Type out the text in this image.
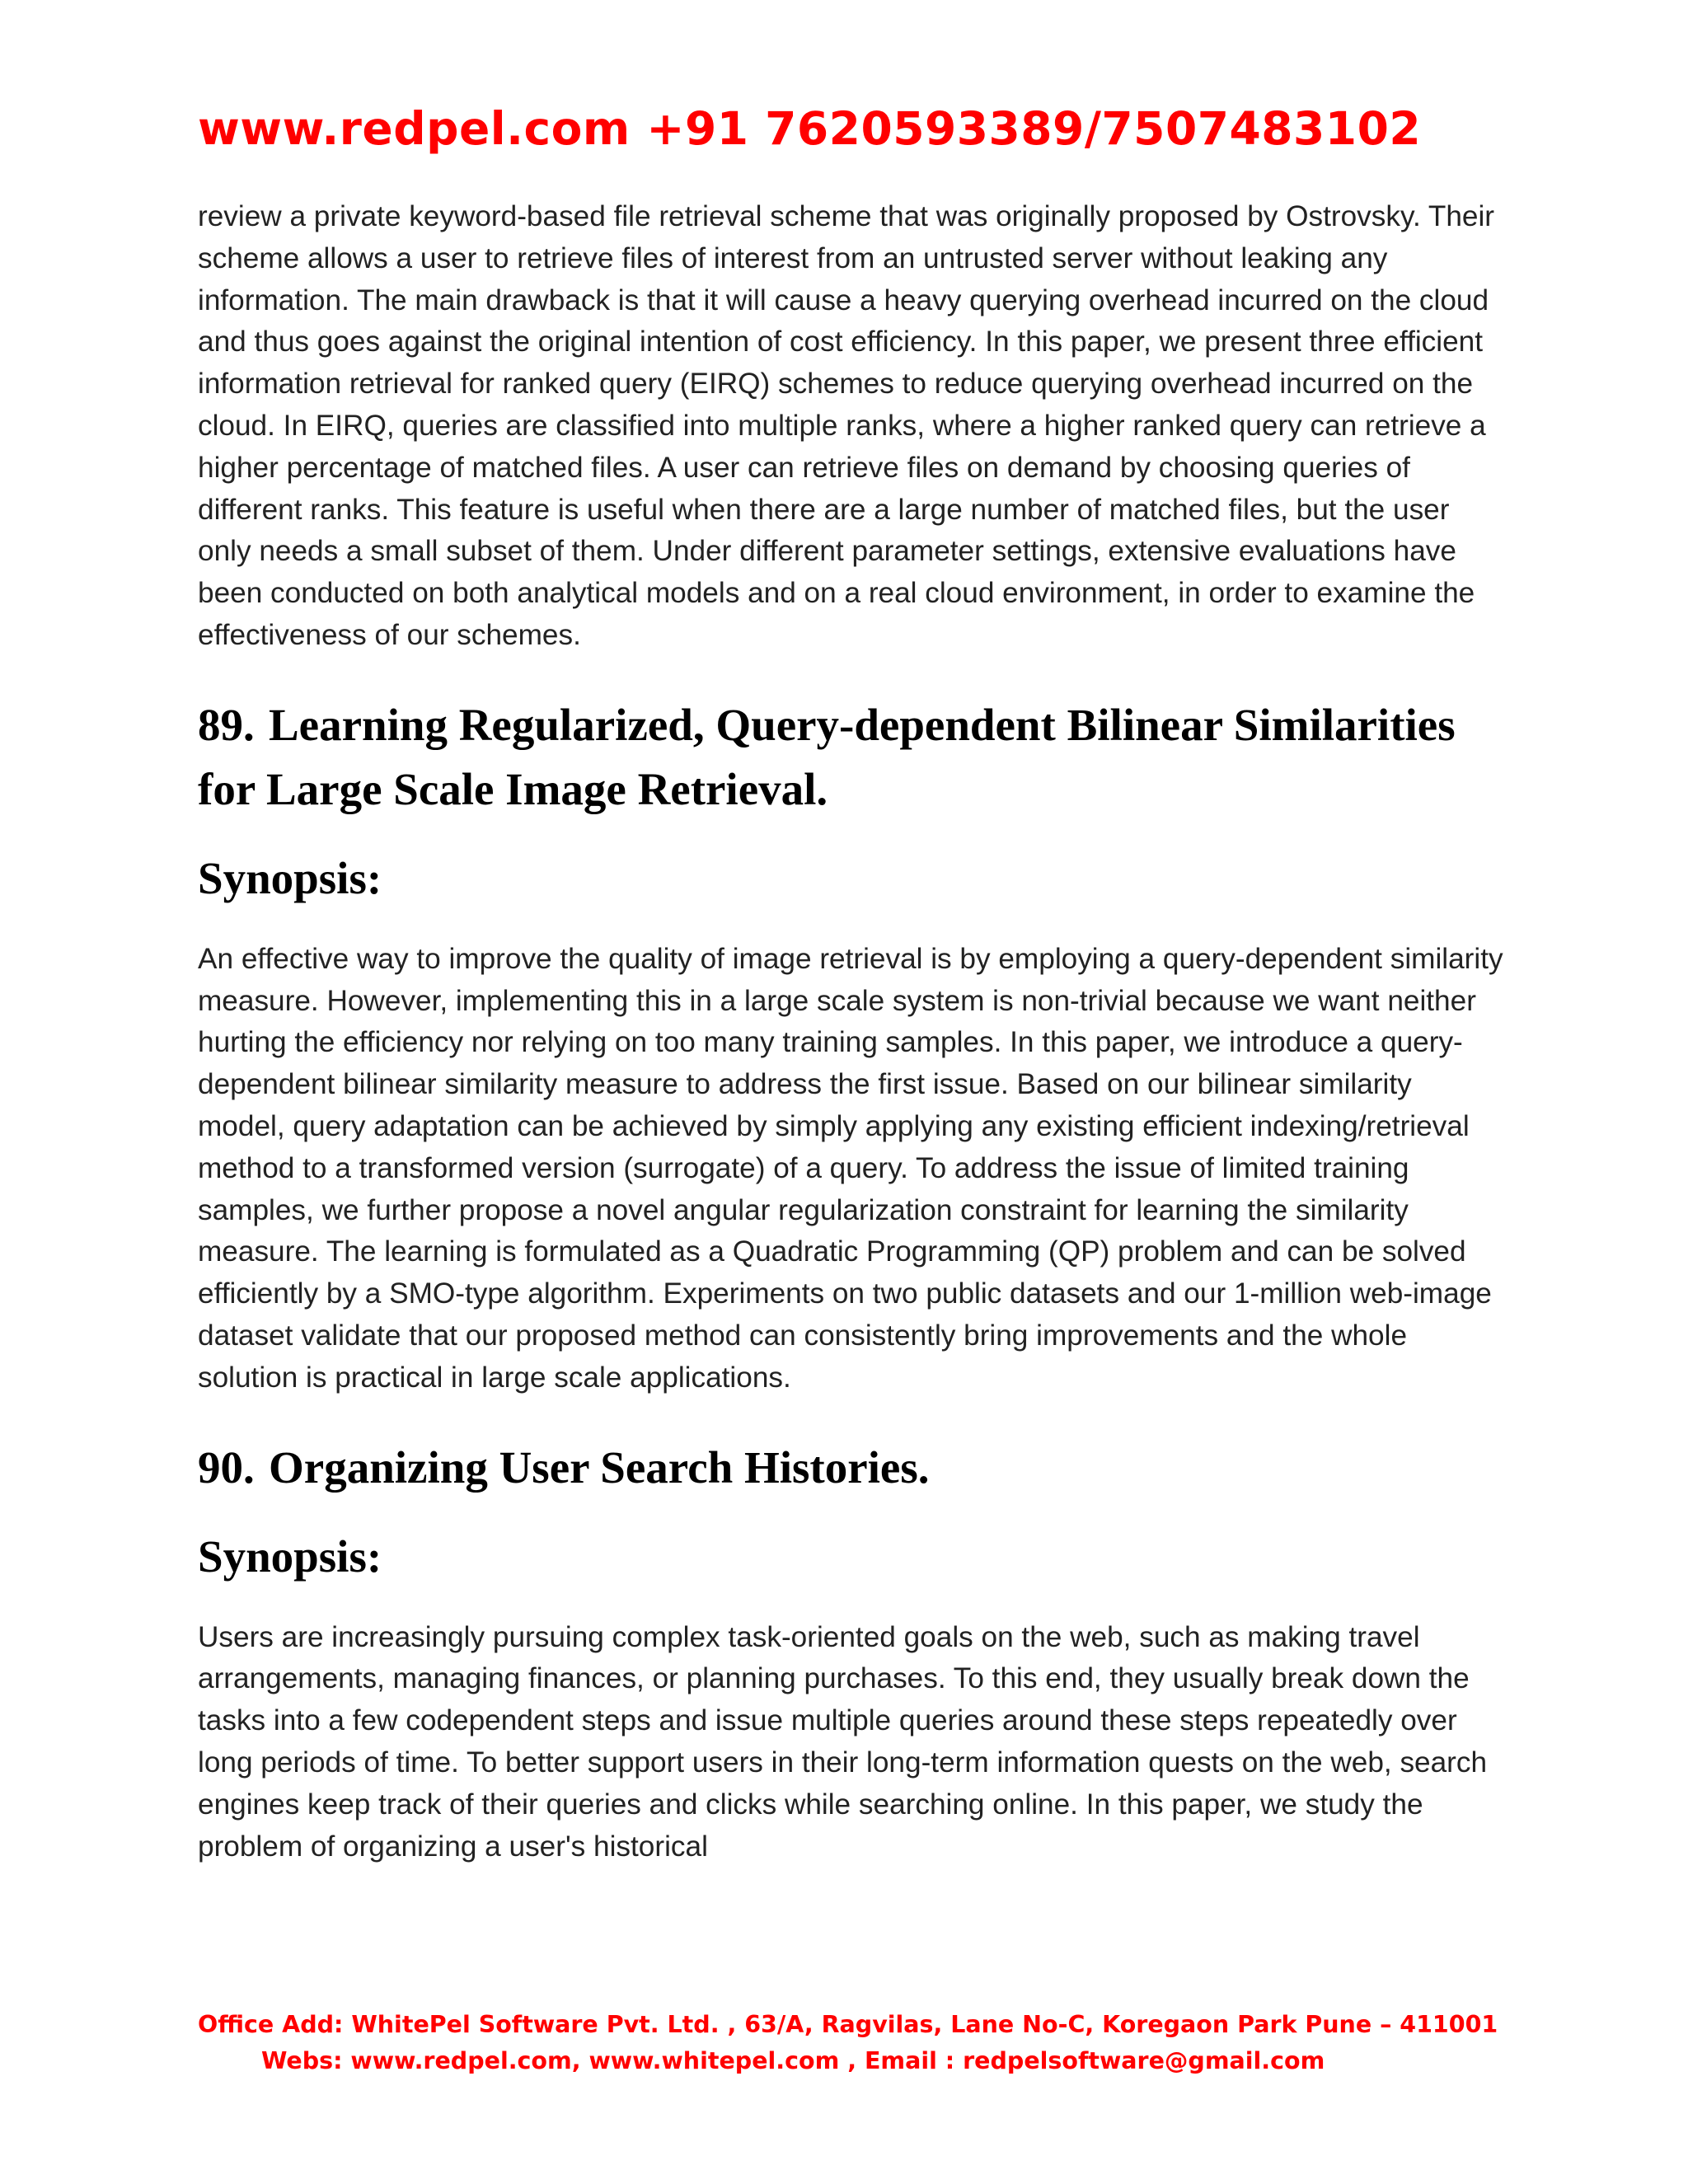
www.redpel.com +91 7620593389/7507483102

review a private keyword-based file retrieval scheme that was originally proposed by Ostrovsky. Their scheme allows a user to retrieve files of interest from an untrusted server without leaking any information. The main drawback is that it will cause a heavy querying overhead incurred on the cloud and thus goes against the original intention of cost efficiency. In this paper, we present three efficient information retrieval for ranked query (EIRQ) schemes to reduce querying overhead incurred on the cloud. In EIRQ, queries are classified into multiple ranks, where a higher ranked query can retrieve a higher percentage of matched files. A user can retrieve files on demand by choosing queries of different ranks. This feature is useful when there are a large number of matched files, but the user only needs a small subset of them. Under different parameter settings, extensive evaluations have been conducted on both analytical models and on a real cloud environment, in order to examine the effectiveness of our schemes.

89. Learning Regularized, Query-dependent Bilinear Similarities for Large Scale Image Retrieval.
Synopsis:

An effective way to improve the quality of image retrieval is by employing a query-dependent similarity measure. However, implementing this in a large scale system is non-trivial because we want neither hurting the efficiency nor relying on too many training samples. In this paper, we introduce a query-dependent bilinear similarity measure to address the first issue. Based on our bilinear similarity model, query adaptation can be achieved by simply applying any existing efficient indexing/retrieval method to a transformed version (surrogate) of a query. To address the issue of limited training samples, we further propose a novel angular regularization constraint for learning the similarity measure. The learning is formulated as a Quadratic Programming (QP) problem and can be solved efficiently by a SMO-type algorithm. Experiments on two public datasets and our 1-million web-image dataset validate that our proposed method can consistently bring improvements and the whole solution is practical in large scale applications.

90. Organizing User Search Histories.
Synopsis:

Users are increasingly pursuing complex task-oriented goals on the web, such as making travel arrangements, managing finances, or planning purchases. To this end, they usually break down the tasks into a few codependent steps and issue multiple queries around these steps repeatedly over long periods of time. To better support users in their long-term information quests on the web, search engines keep track of their queries and clicks while searching online. In this paper, we study the problem of organizing a user's historical

Office Add: WhitePel Software Pvt. Ltd. , 63/A, Ragvilas, Lane No-C, Koregaon Park Pune – 411001
Webs: www.redpel.com, www.whitepel.com , Email : redpelsoftware@gmail.com
